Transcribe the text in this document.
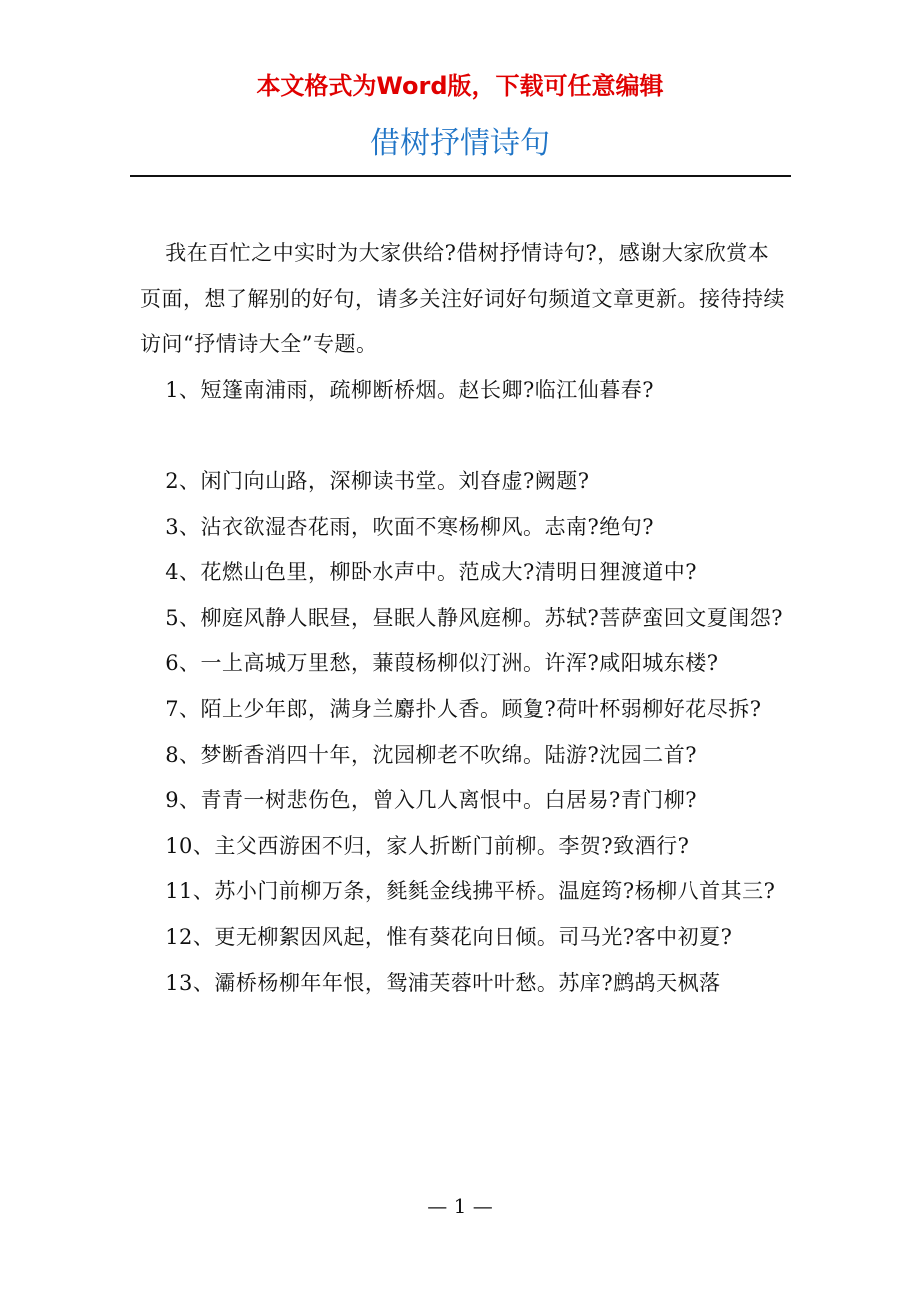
本文格式为Word版，下载可任意编辑
借树抒情诗句

我在百忙之中实时为大家供给?借树抒情诗句?，感谢大家欣赏本页面，想了解别的好句，请多关注好词好句频道文章更新。接待持续访问“抒情诗大全”专题。

1、短篷南浦雨，疏柳断桥烟。赵长卿?临江仙暮春?

2、闲门向山路，深柳读书堂。刘昚虚?阙题?

3、沾衣欲湿杏花雨，吹面不寒杨柳风。志南?绝句?

4、花燃山色里，柳卧水声中。范成大?清明日狸渡道中?

5、柳庭风静人眠昼，昼眠人静风庭柳。苏轼?菩萨蛮回文夏闺怨?

6、一上高城万里愁，蒹葭杨柳似汀洲。许浑?咸阳城东楼?

7、陌上少年郎，满身兰麝扑人香。顾夐?荷叶杯弱柳好花尽拆?

8、梦断香消四十年，沈园柳老不吹绵。陆游?沈园二首?

9、青青一树悲伤色，曾入几人离恨中。白居易?青门柳?

10、主父西游困不归，家人折断门前柳。李贺?致酒行?

11、苏小门前柳万条，毵毵金线拂平桥。温庭筠?杨柳八首其三?

12、更无柳絮因风起，惟有葵花向日倾。司马光?客中初夏?

13、灞桥杨柳年年恨，鸳浦芙蓉叶叶愁。苏庠?鹧鸪天枫落

— 1 —
